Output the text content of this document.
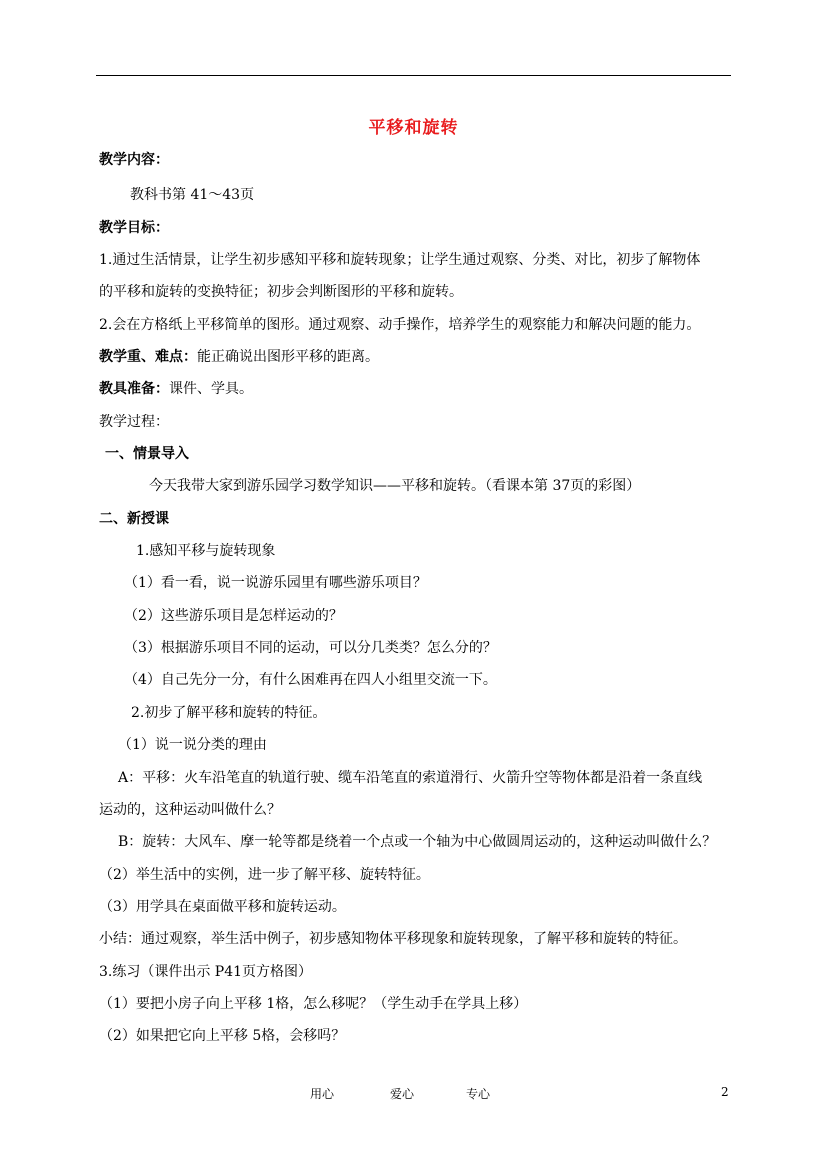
平移和旋转
教学内容：
教科书第 41～43页
教学目标：
1.通过生活情景，让学生初步感知平移和旋转现象；让学生通过观察、分类、对比，初步了解物体
的平移和旋转的变换特征；初步会判断图形的平移和旋转。
2.会在方格纸上平移简单的图形。通过观察、动手操作，培养学生的观察能力和解决问题的能力。
教学重、难点：能正确说出图形平移的距离。
教具准备：课件、学具。
教学过程：
一、情景导入
今天我带大家到游乐园学习数学知识——平移和旋转。（看课本第 37页的彩图）
二、新授课
1.感知平移与旋转现象
（1）看一看，说一说游乐园里有哪些游乐项目？
（2）这些游乐项目是怎样运动的？
（3）根据游乐项目不同的运动，可以分几类类？怎么分的？
（4）自己先分一分，有什么困难再在四人小组里交流一下。
2.初步了解平移和旋转的特征。
（1）说一说分类的理由
A：平移：火车沿笔直的轨道行驶、缆车沿笔直的索道滑行、火箭升空等物体都是沿着一条直线
运动的，这种运动叫做什么？
B：旋转：大风车、摩一轮等都是绕着一个点或一个轴为中心做圆周运动的，这种运动叫做什么？
（2）举生活中的实例，进一步了解平移、旋转特征。
（3）用学具在桌面做平移和旋转运动。
小结：通过观察，举生活中例子，初步感知物体平移现象和旋转现象，了解平移和旋转的特征。
3.练习（课件出示 P41页方格图）
（1）要把小房子向上平移 1格，怎么移呢？（学生动手在学具上移）
（2）如果把它向上平移 5格，会移吗？
用心	爱心	专心	2
